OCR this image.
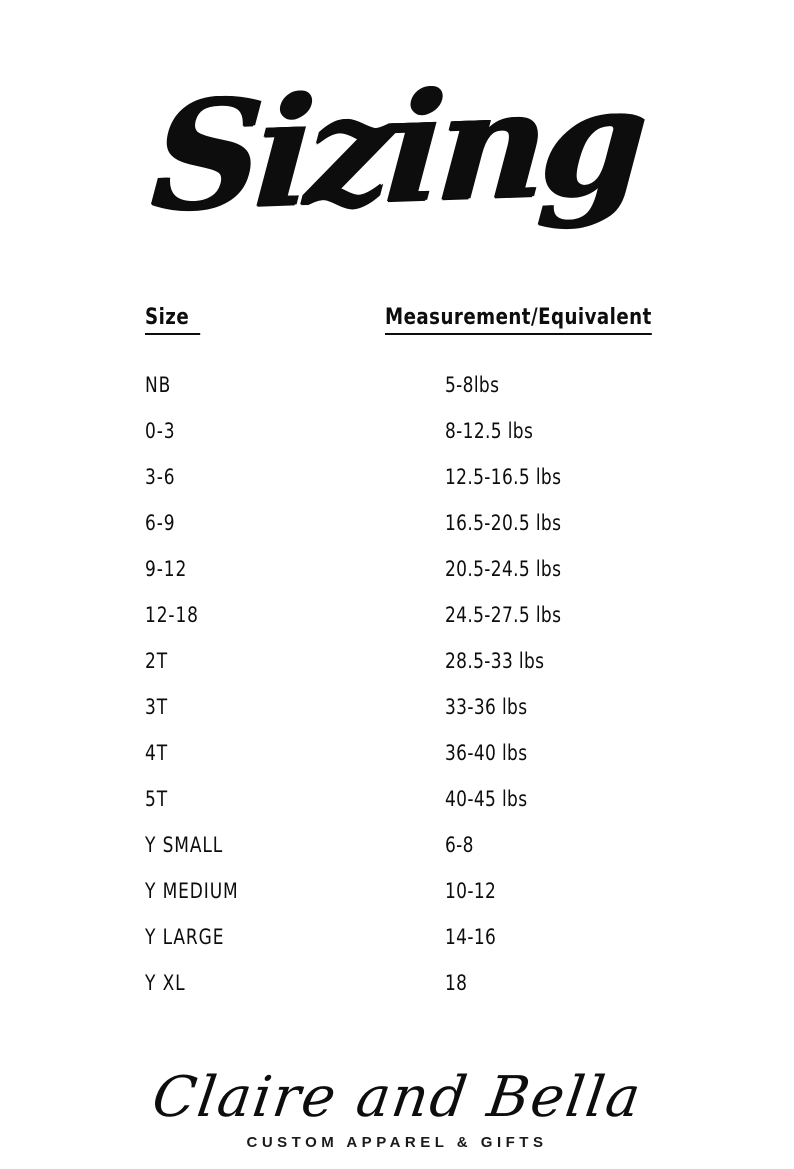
Sizing
Size	Measurement/Equivalent
NB	5-8lbs
0-3	8-12.5 lbs
3-6	12.5-16.5 lbs
6-9	16.5-20.5 lbs
9-12	20.5-24.5 lbs
12-18	24.5-27.5 lbs
2T	28.5-33 lbs
3T	33-36 lbs
4T	36-40 lbs
5T	40-45 lbs
Y SMALL	6-8
Y MEDIUM	10-12
Y LARGE	14-16
Y XL	18
Claire and Bella
CUSTOM APPAREL & GIFTS
